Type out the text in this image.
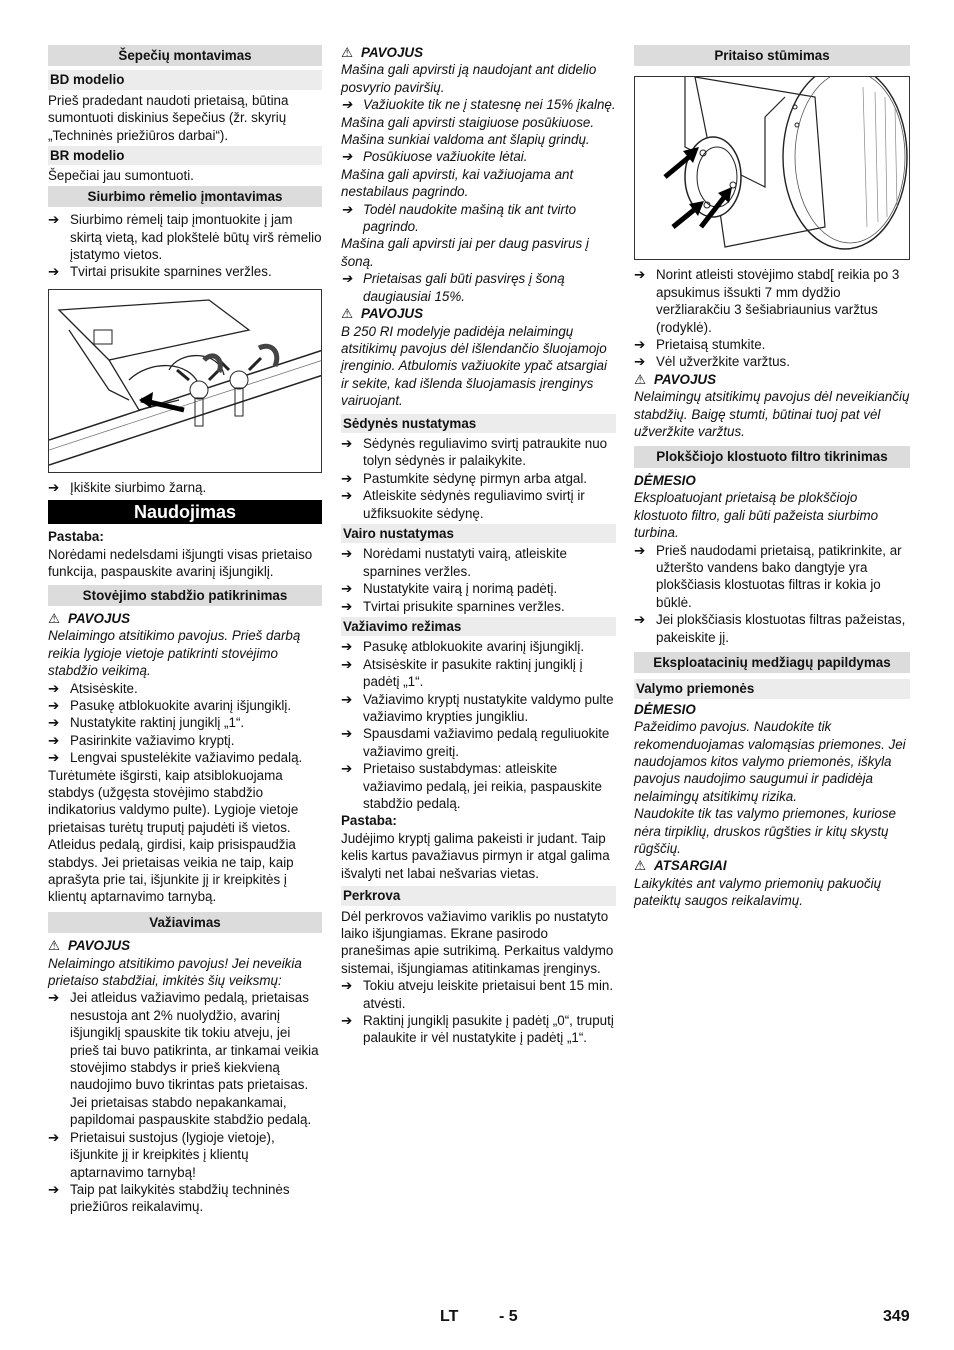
Šepečių montavimas
BD modelio

Prieš pradedant naudoti prietaisą, būtina sumontuoti diskinius šepečius (žr. skyrių „Techninės priežiūros darbai“).

BR modelio

Šepečiai jau sumontuoti.

Siurbimo rėmelio įmontavimas
➔ Siurbimo rėmelį taip įmontuokite į jam skirtą vietą, kad plokštelė būtų virš rėmelio įstatymo vietos.
➔ Tvirtai prisukite sparnines veržles.
➔ Įkiškite siurbimo žarną.
Naudojimas
Pastaba:

Norėdami nedelsdami išjungti visas prietaiso funkcija, paspauskite avarinį išjungiklį.

Stovėjimo stabdžio patikrinimas
⚠ PAVOJUS

Nelaimingo atsitikimo pavojus. Prieš darbą reikia lygioje vietoje patikrinti stovėjimo stabdžio veikimą.

➔ Atsisėskite.
➔ Pasukę atblokuokite avarinį išjungiklį.
➔ Nustatykite raktinį jungiklį „1“.
➔ Pasirinkite važiavimo kryptį.
➔ Lengvai spustelėkite važiavimo pedalą.

Turėtumėte išgirsti, kaip atsiblokuojama stabdys (užgęsta stovėjimo stabdžio indikatorius valdymo pulte). Lygioje vietoje prietaisas turėtų truputį pajudėti iš vietos. Atleidus pedalą, girdisi, kaip prisispaudžia stabdys. Jei prietaisas veikia ne taip, kaip aprašyta prie tai, išjunkite jį ir kreipkitės į klientų aptarnavimo tarnybą.

Važiavimas
⚠ PAVOJUS

Nelaimingo atsitikimo pavojus! Jei neveikia prietaiso stabdžiai, imkitės šių veiksmų:

➔ Jei atleidus važiavimo pedalą, prietaisas nesustoja ant 2% nuolydžio, avarinį išjungiklį spauskite tik tokiu atveju, jei prieš tai buvo patikrinta, ar tinkamai veikia stovėjimo stabdys ir prieš kiekvieną naudojimo buvo tikrintas pats prietaisas. Jei prietaisas stabdo nepakankamai, papildomai paspauskite stabdžio pedalą.
➔ Prietaisui sustojus (lygioje vietoje), išjunkite jį ir kreipkitės į klientų aptarnavimo tarnybą!
➔ Taip pat laikykitės stabdžių techninės priežiūros reikalavimų.
⚠ PAVOJUS

Mašina gali apvirsti ją naudojant ant didelio posvyrio paviršių.

➔ Važiuokite tik ne į statesnę nei 15% įkalnę.

Mašina gali apvirsti staigiuose posūkiuose. Mašina sunkiai valdoma ant šlapių grindų.

➔ Posūkiuose važiuokite lėtai.

Mašina gali apvirsti, kai važiuojama ant nestabilaus pagrindo.

➔ Todėl naudokite mašiną tik ant tvirto pagrindo.

Mašina gali apvirsti jai per daug pasvirus į šoną.

➔ Prietaisas gali būti pasviręs į šoną daugiausiai 15%.
⚠ PAVOJUS

B 250 RI modelyje padidėja nelaimingų atsitikimų pavojus dėl išlendančio šluojamojo įrenginio. Atbulomis važiuokite ypač atsargiai ir sekite, kad išlenda šluojamasis įrenginys vairuojant.

Sėdynės nustatymas
➔ Sėdynės reguliavimo svirtį patraukite nuo tolyn sėdynės ir palaikykite.
➔ Pastumkite sėdynę pirmyn arba atgal.
➔ Atleiskite sėdynės reguliavimo svirtį ir užfiksuokite sėdynę.
Vairo nustatymas
➔ Norėdami nustatyti vairą, atleiskite sparnines veržles.
➔ Nustatykite vairą į norimą padėtį.
➔ Tvirtai prisukite sparnines veržles.
Važiavimo režimas
➔ Pasukę atblokuokite avarinį išjungiklį.
➔ Atsisėskite ir pasukite raktinį jungiklį į padėtį „1“.
➔ Važiavimo kryptį nustatykite valdymo pulte važiavimo krypties jungikliu.
➔ Spausdami važiavimo pedalą reguliuokite važiavimo greitį.
➔ Prietaiso sustabdymas: atleiskite važiavimo pedalą, jei reikia, paspauskite stabdžio pedalą.
Pastaba:

Judėjimo kryptį galima pakeisti ir judant. Taip kelis kartus pavažiavus pirmyn ir atgal galima išvalyti net labai nešvarias vietas.

Perkrova

Dėl perkrovos važiavimo variklis po nustatyto laiko išjungiamas. Ekrane pasirodo pranešimas apie sutrikimą. Perkaitus valdymo sistemai, išjungiamas atitinkamas įrenginys.

➔ Tokiu atveju leiskite prietaisui bent 15 min. atvėsti.
➔ Raktinį jungiklį pasukite į padėtį „0“, truputį palaukite ir vėl nustatykite į padėtį „1“.
Pritaiso stūmimas
➔ Norint atleisti stovėjimo stabd[ reikia po 3 apsukimus išsukti 7 mm dydžio veržliarakčiu 3 šešiabriaunius varžtus (rodyklė).
➔ Prietaisą stumkite.
➔ Vėl užveržkite varžtus.
⚠ PAVOJUS

Nelaimingų atsitikimų pavojus dėl neveikiančių stabdžių. Baigę stumti, būtinai tuoj pat vėl užveržkite varžtus.

Plokščiojo klostuoto filtro tikrinimas
DĖMESIO

Eksploatuojant prietaisą be plokščiojo klostuoto filtro, gali būti pažeista siurbimo turbina.

➔ Prieš naudodami prietaisą, patikrinkite, ar užteršto vandens bako dangtyje yra plokščiasis klostuotas filtras ir kokia jo būklė.
➔ Jei plokščiasis klostuotas filtras pažeistas, pakeiskite jį.
Eksploatacinių medžiagų papildymas
Valymo priemonės
DĖMESIO

Pažeidimo pavojus. Naudokite tik rekomenduojamas valomąsias priemones. Jei naudojamos kitos valymo priemonės, iškyla pavojus naudojimo saugumui ir padidėja nelaimingų atsitikimų rizika.

Naudokite tik tas valymo priemones, kuriose nėra tirpiklių, druskos rūgšties ir kitų skystų rūgščių.

⚠ ATSARGIAI

Laikykitės ant valymo priemonių pakuočių pateiktų saugos reikalavimų.

LT	- 5	349
